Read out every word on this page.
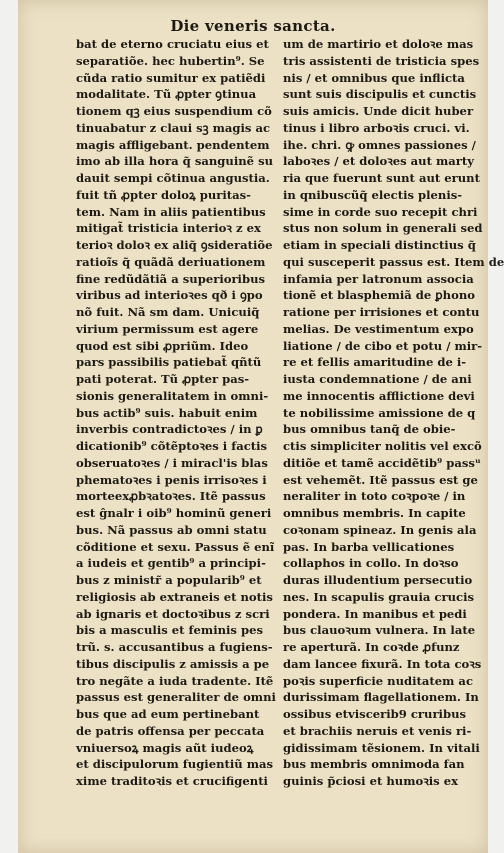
Die veneris sancta.
bat de eterno cruciatu eius et
separatiõe. hec hubertin⁹. Se
cũda ratio sumitur ex patiẽdi
modalitate. Tũ ꝓpter ꝯtinua
tionem qꝫ eius suspendium cõ
tinuabatur z claui sꝫ magis ac
magis affligebant. pendentem
imo ab illa hora q̃ sanguinẽ su
dauit sempi cõtinua angustia.
fuit tñ ꝓpter doloꝝ puritas-
tem. Nam in aliis patientibus
mitigat̃ tristicia interioꝛ z ex
terioꝛ doloꝛ ex aliq̃ ꝯsideratiõe
ratioĩs q̃ quãdã deriuationem
fine redũdãtiã a superioribus
viribus ad interioꝛes qð i ꝯpo
nõ fuit. Nã sm dam. Unicuiq̃
virium permissum est agere
quod est sibi ꝓpriũm. Ideo
pars passibilis patiebat̃ qñtũ
pati poterat. Tũ ꝓpter pas-
sionis generalitatem in omni-
bus actib⁹ suis. habuit enim
inverbis contradictoꝛes / in ꝑ
dicationib⁹ cõtẽptoꝛes i factis
obseruatoꝛes / i miracl'is blas
phematoꝛes i penis irrisoꝛes i
morteexꝓbꝛatoꝛes. Itẽ passus
est ĝnalr i oib⁹ hominũ generi
bus. Nã passus ab omni statu
cõditione et sexu. Passus ẽ enĩ
a iudeis et gentib⁹ a principi-
bus z ministr̃ a popularib⁹ et
religiosis ab extraneis et notis
ab ignaris et doctoꝛibus z scri
bis a masculis et feminis pes
trũ. s. accusantibus a fugiens-
tibus discipulis z amissis a pe
tro negãte a iuda tradente. Itẽ
passus est generaliter de omni
bus que ad eum pertinebant
de patris offensa per peccata
vniuersoꝝ magis aũt iudeoꝝ
et discipulorum fugientiũ mas
xime traditoꝛis et crucifigenti
um de martirio et doloꝛe mas
tris assistenti de tristicia spes
nis / et omnibus que inflicta
sunt suis discipulis et cunctis
suis amicis. Unde dicit huber
tinus i libro arboꝛis cruci. vi.
ihe. chri. ꝙ omnes passiones /
laboꝛes / et doloꝛes aut marty
ria que fuerunt sunt aut erunt
in qnibuscũq̃ electis plenis-
sime in corde suo recepit chri
stus non solum in generali sed
etiam in speciali distinctius q̃
qui susceperit passus est. Item de
infamia per latronum associa
tionẽ et blasphemiã de ꝑhono
ratione per irrisiones et contu
melias. De vestimentum expo
liatione / de cibo et potu / mir-
re et fellis amaritudine de i-
iusta condemnatione / de ani
me innocentis afflictione devi
te nobilissime amissione de q
bus omnibus tanq̃ de obie-
ctis simpliciter nolitis vel excõ
ditiõe et tamẽ accidẽtib⁹ passᵘ
est vehemẽt. Itẽ passus est ge
neraliter in toto coꝛpoꝛe / in
omnibus membris. In capite
coꝛonam spineaz. In genis ala
pas. In barba vellicationes
collaphos in collo. In doꝛso
duras illudentium persecutio
nes. In scapulis grauia crucis
pondera. In manibus et pedi
bus clauoꝛum vulnera. In late
re aperturã. In coꝛde ꝓfunz
dam lancee fixurã. In tota coꝛs
poꝛis superficie nuditatem ac
durissimam flagellationem. In
ossibus etviscerib9 cruribus
et brachiis neruis et venis ri-
gidissimam tẽsionem. In vitali
bus membris omnimoda fan
guinis p̃ciosi et humoꝛis ex
